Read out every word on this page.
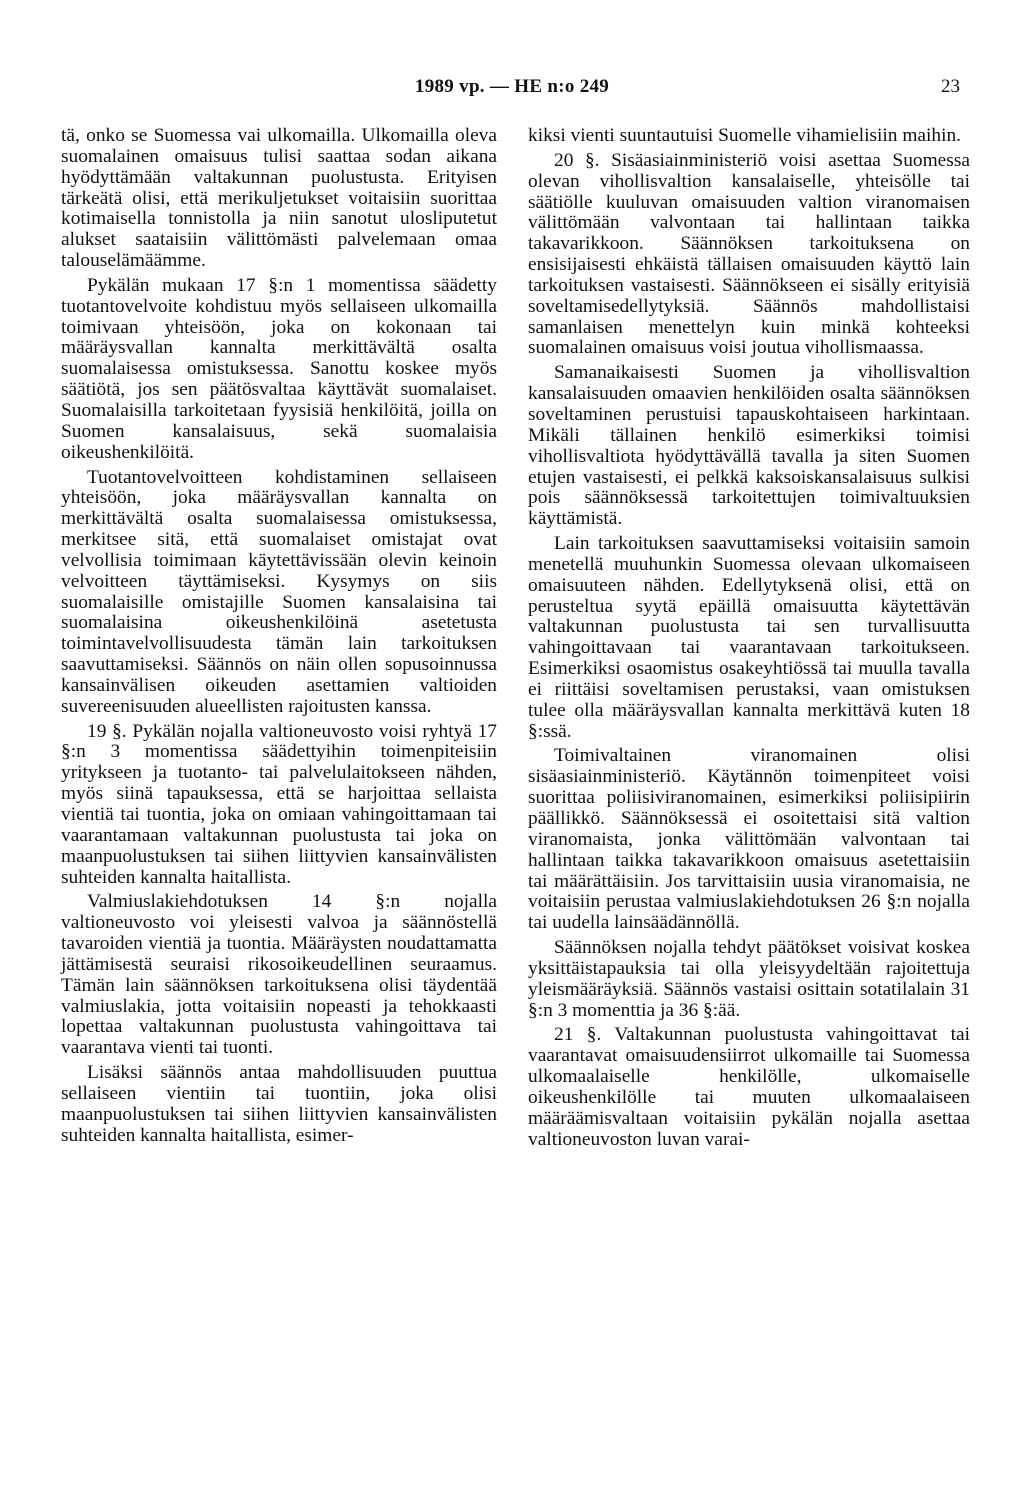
1989 vp. — HE n:o 249	23

tä, onko se Suomessa vai ulkomailla. Ulkomailla oleva suomalainen omaisuus tulisi saattaa sodan aikana hyödyttämään valtakunnan puolustusta. Erityisen tärkeätä olisi, että merikuljetukset voitaisiin suorittaa kotimaisella tonnistolla ja niin sanotut ulosliputetut alukset saataisiin välittömästi palvelemaan omaa talouselämäämme.

Pykälän mukaan 17 §:n 1 momentissa säädetty tuotantovelvoite kohdistuu myös sellaiseen ulkomailla toimivaan yhteisöön, joka on kokonaan tai määräysvallan kannalta merkittävältä osalta suomalaisessa omistuksessa. Sanottu koskee myös säätiötä, jos sen päätösvaltaa käyttävät suomalaiset. Suomalaisilla tarkoitetaan fyysisiä henkilöitä, joilla on Suomen kansalaisuus, sekä suomalaisia oikeushenkilöitä.

Tuotantovelvoitteen kohdistaminen sellaiseen yhteisöön, joka määräysvallan kannalta on merkittävältä osalta suomalaisessa omistuksessa, merkitsee sitä, että suomalaiset omistajat ovat velvollisia toimimaan käytettävissään olevin keinoin velvoitteen täyttämiseksi. Kysymys on siis suomalaisille omistajille Suomen kansalaisina tai suomalaisina oikeushenkilöinä asetetusta toimintavelvollisuudesta tämän lain tarkoituksen saavuttamiseksi. Säännös on näin ollen sopusoinnussa kansainvälisen oikeuden asettamien valtioiden suvereenisuuden alueellisten rajoitusten kanssa.

19 §. Pykälän nojalla valtioneuvosto voisi ryhtyä 17 §:n 3 momentissa säädettyihin toimenpiteisiin yritykseen ja tuotanto- tai palvelulaitokseen nähden, myös siinä tapauksessa, että se harjoittaa sellaista vientiä tai tuontia, joka on omiaan vahingoittamaan tai vaarantamaan valtakunnan puolustusta tai joka on maanpuolustuksen tai siihen liittyvien kansainvälisten suhteiden kannalta haitallista.

Valmiuslakiehdotuksen 14 §:n nojalla valtioneuvosto voi yleisesti valvoa ja säännöstellä tavaroiden vientiä ja tuontia. Määräysten noudattamatta jättämisestä seuraisi rikosoikeudellinen seuraamus. Tämän lain säännöksen tarkoituksena olisi täydentää valmiuslakia, jotta voitaisiin nopeasti ja tehokkaasti lopettaa valtakunnan puolustusta vahingoittava tai vaarantava vienti tai tuonti.

Lisäksi säännös antaa mahdollisuuden puuttua sellaiseen vientiin tai tuontiin, joka olisi maanpuolustuksen tai siihen liittyvien kansainvälisten suhteiden kannalta haitallista, esimer-

kiksi vienti suuntautuisi Suomelle vihamielisiin maihin.

20 §. Sisäasiainministeriö voisi asettaa Suomessa olevan vihollisvaltion kansalaiselle, yhteisölle tai säätiölle kuuluvan omaisuuden valtion viranomaisen välittömään valvontaan tai hallintaan taikka takavarikkoon. Säännöksen tarkoituksena on ensisijaisesti ehkäistä tällaisen omaisuuden käyttö lain tarkoituksen vastaisesti. Säännökseen ei sisälly erityisiä soveltamisedellytyksiä. Säännös mahdollistaisi samanlaisen menettelyn kuin minkä kohteeksi suomalainen omaisuus voisi joutua vihollismaassa.

Samanaikaisesti Suomen ja vihollisvaltion kansalaisuuden omaavien henkilöiden osalta säännöksen soveltaminen perustuisi tapauskohtaiseen harkintaan. Mikäli tällainen henkilö esimerkiksi toimisi vihollisvaltiota hyödyttävällä tavalla ja siten Suomen etujen vastaisesti, ei pelkkä kaksoiskansalaisuus sulkisi pois säännöksessä tarkoitettujen toimivaltuuksien käyttämistä.

Lain tarkoituksen saavuttamiseksi voitaisiin samoin menetellä muuhunkin Suomessa olevaan ulkomaiseen omaisuuteen nähden. Edellytyksenä olisi, että on perusteltua syytä epäillä omaisuutta käytettävän valtakunnan puolustusta tai sen turvallisuutta vahingoittavaan tai vaarantavaan tarkoitukseen. Esimerkiksi osaomistus osakeyhtiössä tai muulla tavalla ei riittäisi soveltamisen perustaksi, vaan omistuksen tulee olla määräysvallan kannalta merkittävä kuten 18 §:ssä.

Toimivaltainen viranomainen olisi sisäasiainministeriö. Käytännön toimenpiteet voisi suorittaa poliisiviranomainen, esimerkiksi poliisipiirin päällikkö. Säännöksessä ei osoitettaisi sitä valtion viranomaista, jonka välittömään valvontaan tai hallintaan taikka takavarikkoon omaisuus asetettaisiin tai määrättäisiin. Jos tarvittaisiin uusia viranomaisia, ne voitaisiin perustaa valmiuslakiehdotuksen 26 §:n nojalla tai uudella lainsäädännöllä.

Säännöksen nojalla tehdyt päätökset voisivat koskea yksittäistapauksia tai olla yleisyydeltään rajoitettuja yleismääräyksiä. Säännös vastaisi osittain sotatilalain 31 §:n 3 momenttia ja 36 §:ää.

21 §. Valtakunnan puolustusta vahingoittavat tai vaarantavat omaisuudensiirrot ulkomaille tai Suomessa ulkomaalaiselle henkilölle, ulkomaiselle oikeushenkilölle tai muuten ulkomaalaiseen määräämisvaltaan voitaisiin pykälän nojalla asettaa valtioneuvoston luvan varai-
